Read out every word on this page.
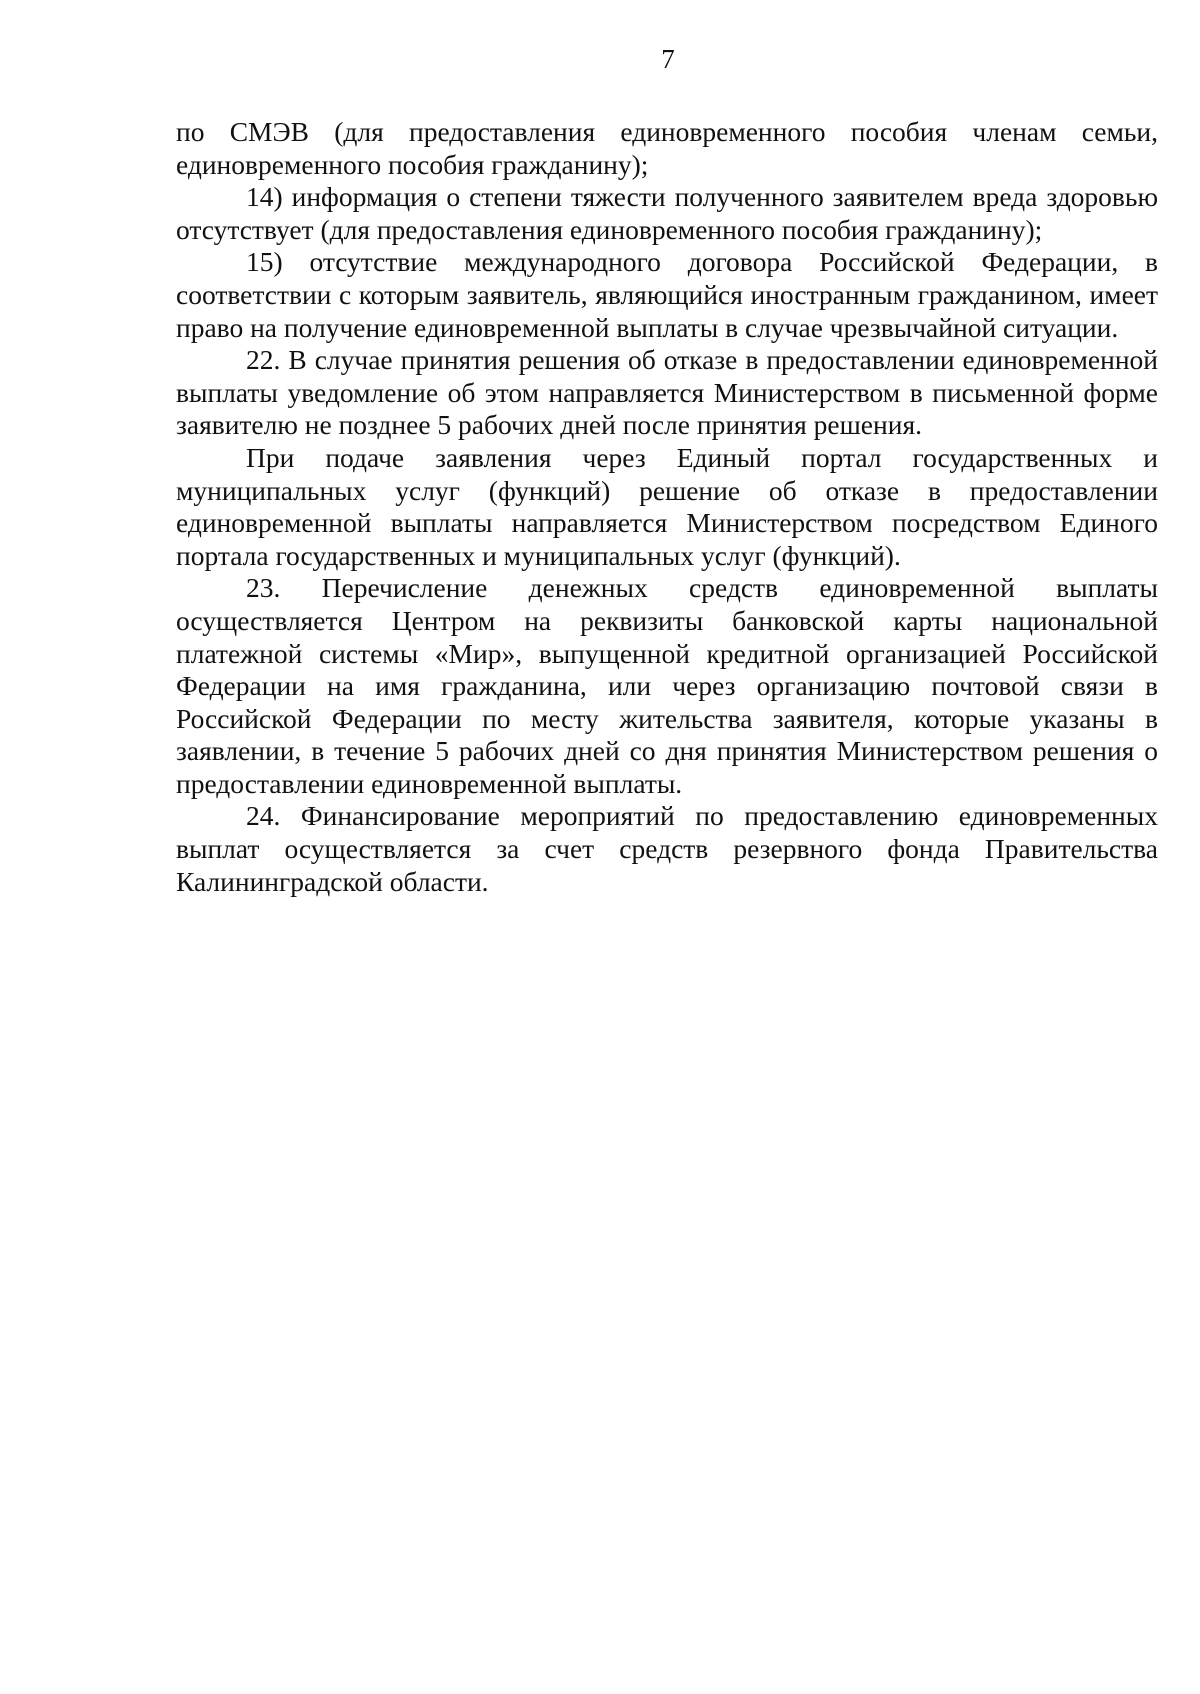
7

по СМЭВ (для предоставления единовременного пособия членам семьи, единовременного пособия гражданину);

14) информация о степени тяжести полученного заявителем вреда здоровью отсутствует (для предоставления единовременного пособия гражданину);

15) отсутствие международного договора Российской Федерации, в соответствии с которым заявитель, являющийся иностранным гражданином, имеет право на получение единовременной выплаты в случае чрезвычайной ситуации.

22. В случае принятия решения об отказе в предоставлении единовременной выплаты уведомление об этом направляется Министерством в письменной форме заявителю не позднее 5 рабочих дней после принятия решения.

При подаче заявления через Единый портал государственных и муниципальных услуг (функций) решение об отказе в предоставлении единовременной выплаты направляется Министерством посредством Единого портала государственных и муниципальных услуг (функций).

23. Перечисление денежных средств единовременной выплаты осуществляется Центром на реквизиты банковской карты национальной платежной системы «Мир», выпущенной кредитной организацией Российской Федерации на имя гражданина, или через организацию почтовой связи в Российской Федерации по месту жительства заявителя, которые указаны в заявлении, в течение 5 рабочих дней со дня принятия Министерством решения о предоставлении единовременной выплаты.

24. Финансирование мероприятий по предоставлению единовременных выплат осуществляется за счет средств резервного фонда Правительства Калининградской области.
